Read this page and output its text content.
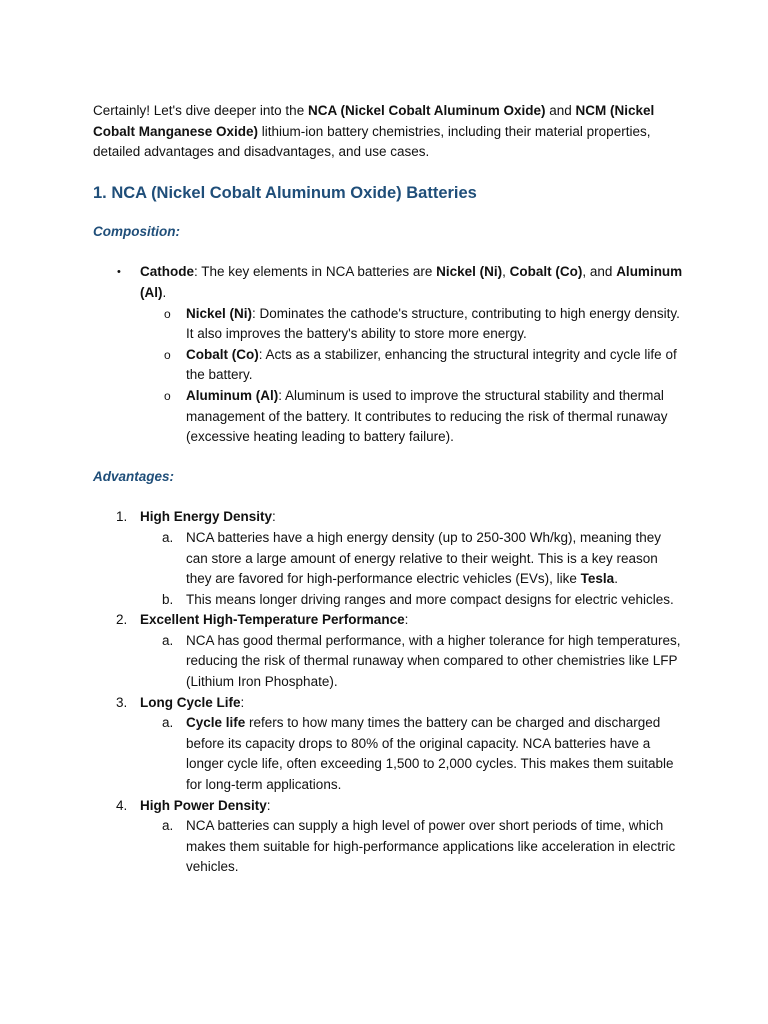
Certainly! Let's dive deeper into the NCA (Nickel Cobalt Aluminum Oxide) and NCM (Nickel Cobalt Manganese Oxide) lithium-ion battery chemistries, including their material properties, detailed advantages and disadvantages, and use cases.

1. NCA (Nickel Cobalt Aluminum Oxide) Batteries

Composition:

• Cathode: The key elements in NCA batteries are Nickel (Ni), Cobalt (Co), and Aluminum (Al).
o Nickel (Ni): Dominates the cathode's structure, contributing to high energy density. It also improves the battery's ability to store more energy.
o Cobalt (Co): Acts as a stabilizer, enhancing the structural integrity and cycle life of the battery.
o Aluminum (Al): Aluminum is used to improve the structural stability and thermal management of the battery. It contributes to reducing the risk of thermal runaway (excessive heating leading to battery failure).

Advantages:

1. High Energy Density:
a. NCA batteries have a high energy density (up to 250-300 Wh/kg), meaning they can store a large amount of energy relative to their weight. This is a key reason they are favored for high-performance electric vehicles (EVs), like Tesla.
b. This means longer driving ranges and more compact designs for electric vehicles.
2. Excellent High-Temperature Performance:
a. NCA has good thermal performance, with a higher tolerance for high temperatures, reducing the risk of thermal runaway when compared to other chemistries like LFP (Lithium Iron Phosphate).
3. Long Cycle Life:
a. Cycle life refers to how many times the battery can be charged and discharged before its capacity drops to 80% of the original capacity. NCA batteries have a longer cycle life, often exceeding 1,500 to 2,000 cycles. This makes them suitable for long-term applications.
4. High Power Density:
a. NCA batteries can supply a high level of power over short periods of time, which makes them suitable for high-performance applications like acceleration in electric vehicles.
